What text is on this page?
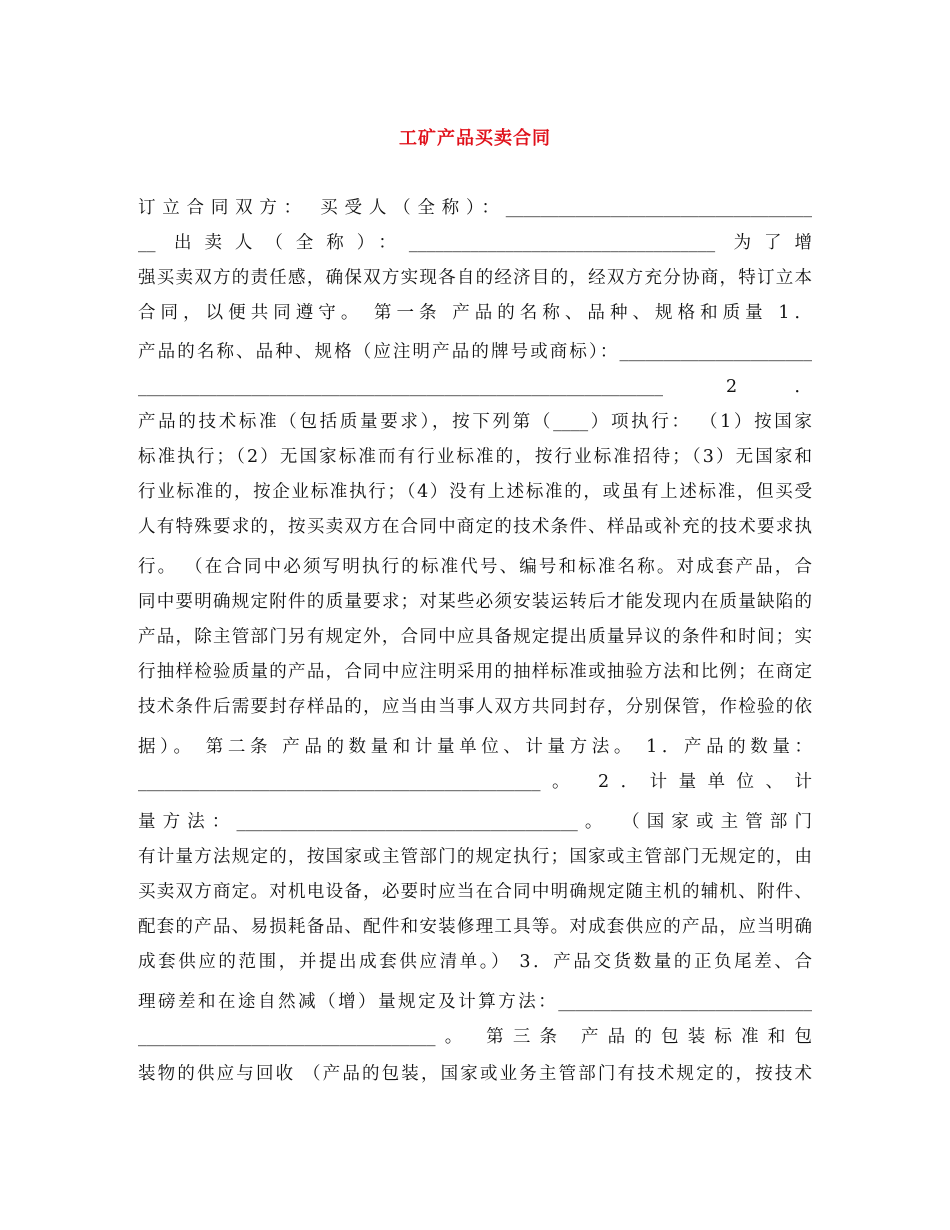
工矿产品买卖合同
订立合同双方： 买受人（全称）：___________________________________
__ 出卖人（全称）：___________________________________ 为了增
强买卖双方的责任感，确保双方实现各自的经济目的，经双方充分协商，特订立本
合同，以便共同遵守。 第一条 产品的名称、品种、规格和质量 1．
产品的名称、品种、规格（应注明产品的牌号或商标）：______________________
____________________________________________________________ 2．
产品的技术标准（包括质量要求），按下列第（____）项执行： （1）按国家
标准执行；（2）无国家标准而有行业标准的，按行业标准招待；（3）无国家和
行业标准的，按企业标准执行；（4）没有上述标准的，或虽有上述标准，但买受
人有特殊要求的，按买卖双方在合同中商定的技术条件、样品或补充的技术要求执
行。 （在合同中必须写明执行的标准代号、编号和标准名称。对成套产品，合
同中要明确规定附件的质量要求；对某些必须安装运转后才能发现内在质量缺陷的
产品，除主管部门另有规定外，合同中应具备规定提出质量异议的条件和时间；实
行抽样检验质量的产品，合同中应注明采用的抽样标准或抽验方法和比例；在商定
技术条件后需要封存样品的，应当由当事人双方共同封存，分别保管，作检验的依
据）。 第二条 产品的数量和计量单位、计量方法。 1．产品的数量：
______________________________________________。 2．计量单位、计
量方法：_______________________________________。 （国家或主管部门
有计量方法规定的，按国家或主管部门的规定执行；国家或主管部门无规定的，由
买卖双方商定。对机电设备，必要时应当在合同中明确规定随主机的辅机、附件、
配套的产品、易损耗备品、配件和安装修理工具等。对成套供应的产品，应当明确
成套供应的范围，并提出成套供应清单。） 3．产品交货数量的正负尾差、合
理磅差和在途自然减（增）量规定及计算方法：_____________________________
__________________________________。 第三条 产品的包装标准和包
装物的供应与回收 （产品的包装，国家或业务主管部门有技术规定的，按技术
